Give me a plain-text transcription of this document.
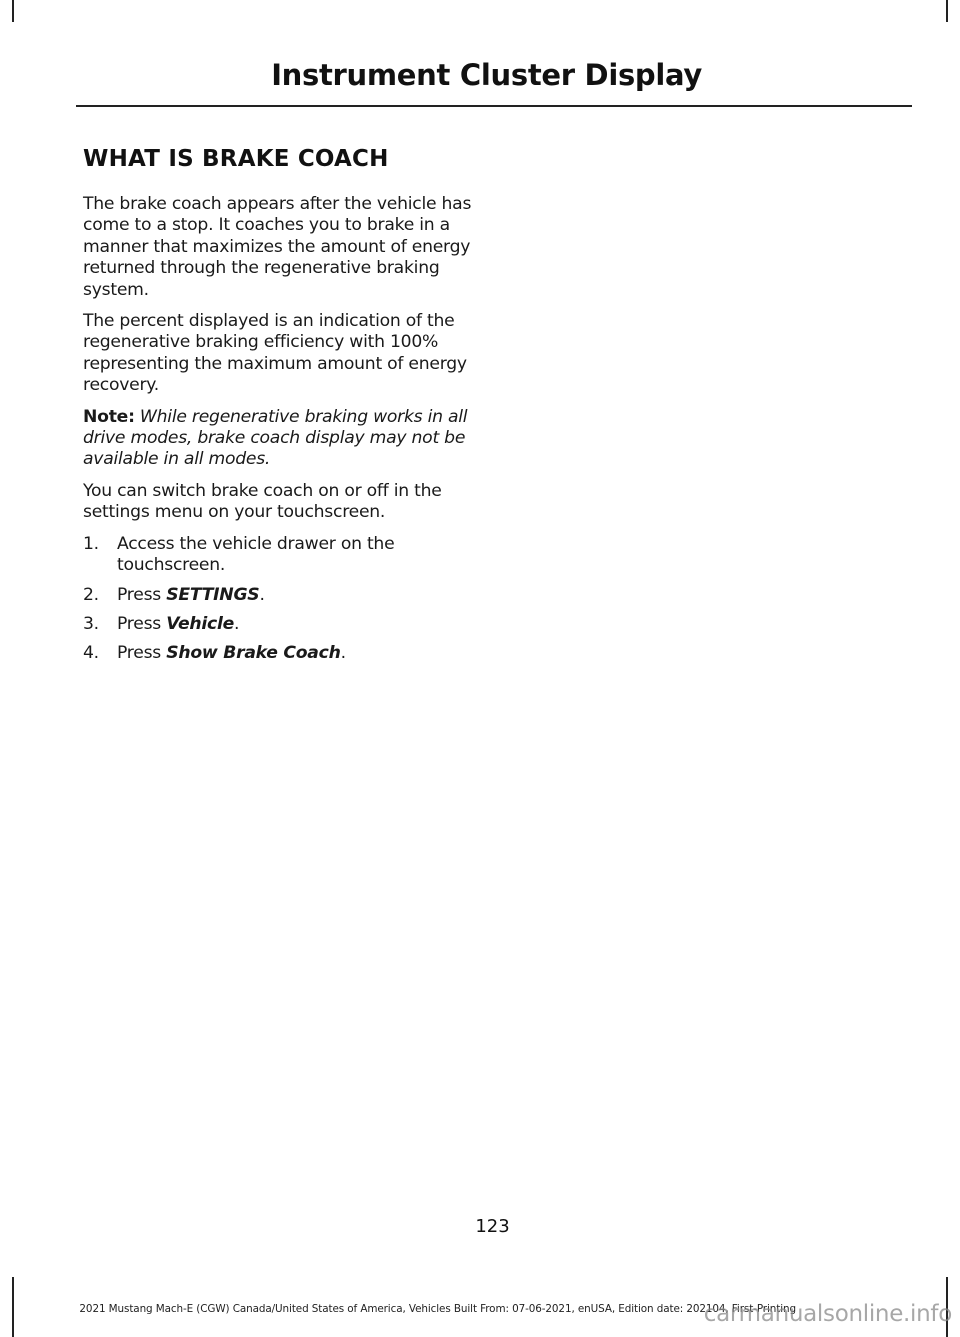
Instrument Cluster Display
WHAT IS BRAKE COACH

The brake coach appears after the vehicle has come to a stop. It coaches you to brake in a manner that maximizes the amount of energy returned through the regenerative braking system.

The percent displayed is an indication of the regenerative braking efficiency with 100% representing the maximum amount of energy recovery.

Note: While regenerative braking works in all drive modes, brake coach display may not be available in all modes.

You can switch brake coach on or off in the settings menu on your touchscreen.

1.	Access the vehicle drawer on the touchscreen.
2.	Press SETTINGS.
3.	Press Vehicle.
4.	Press Show Brake Coach.
123
2021 Mustang Mach-E (CGW) Canada/United States of America, Vehicles Built From: 07-06-2021, enUSA, Edition date: 202104, First-Printing
carmanualsonline.info
